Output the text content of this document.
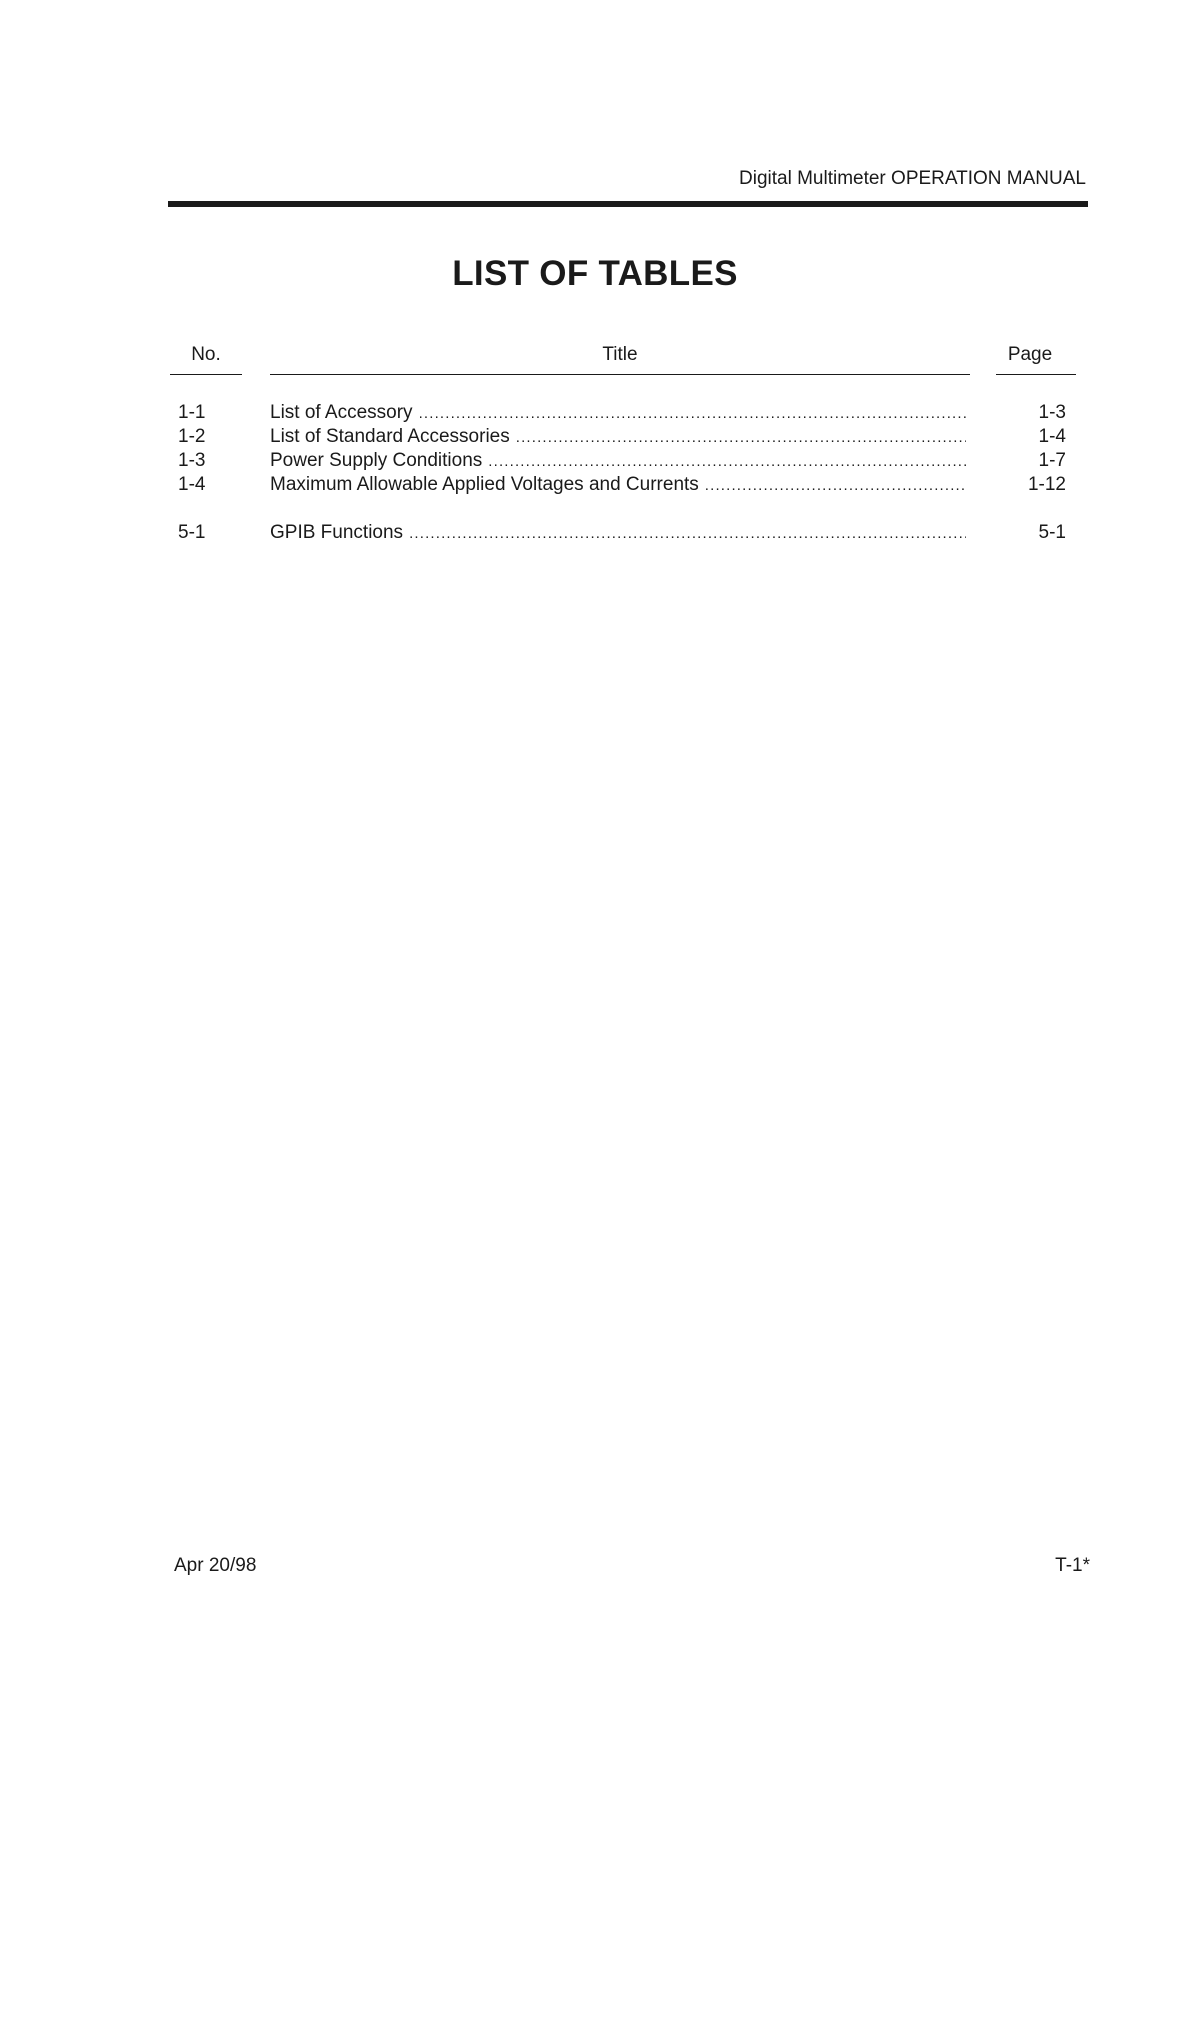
Digital Multimeter OPERATION MANUAL
LIST OF TABLES
No.	Title	Page
1-1	List of Accessory . . .	1-3
1-2	List of Standard Accessories . . .	1-4
1-3	Power Supply Conditions . . .	1-7
1-4	Maximum Allowable Applied Voltages and Currents . . .	1-12
5-1	GPIB Functions . . .	5-1
Apr 20/98	T-1*
